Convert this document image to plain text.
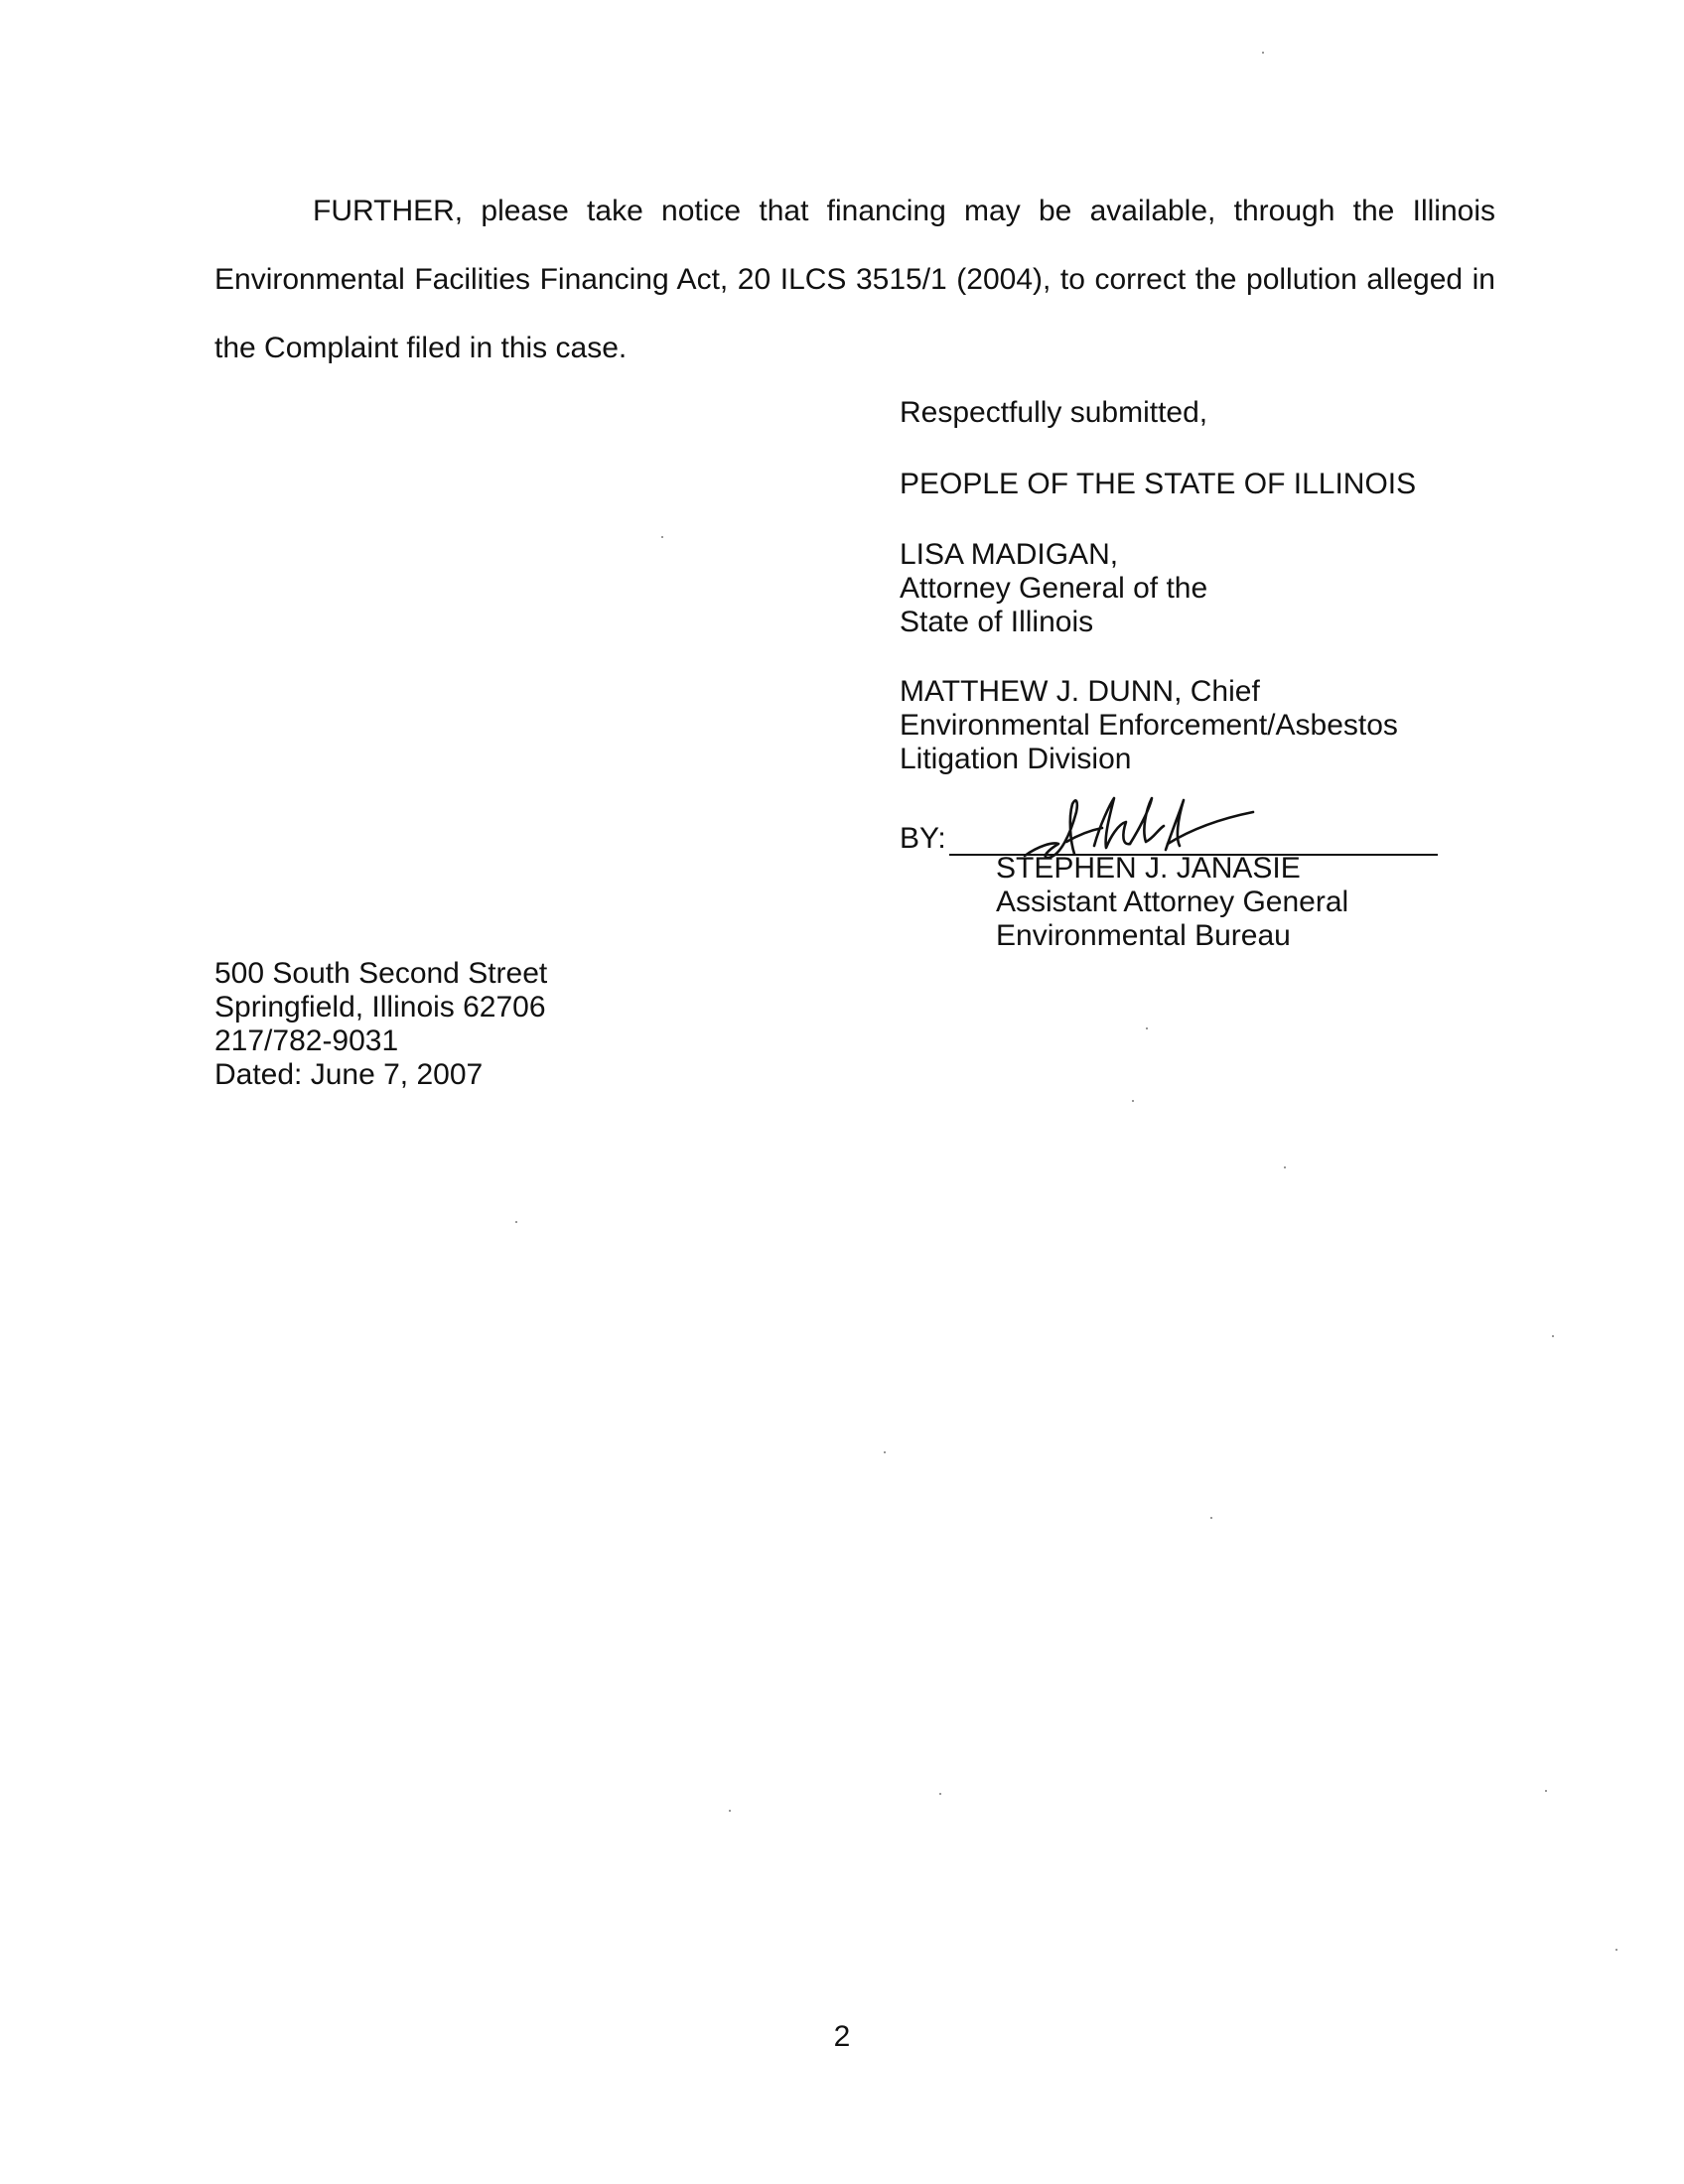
FURTHER, please take notice that financing may be available, through the Illinois
Environmental Facilities Financing Act, 20 ILCS 3515/1 (2004), to correct the pollution alleged in
the Complaint filed in this case.
Respectfully submitted,
PEOPLE OF THE STATE OF ILLINOIS
LISA MADIGAN,
Attorney General of the
State of Illinois
MATTHEW J. DUNN, Chief
Environmental Enforcement/Asbestos
Litigation Division
BY:
STEPHEN J. JANASIE
Assistant Attorney General
Environmental Bureau
500 South Second Street
Springfield, Illinois 62706
217/782-9031
Dated: June 7, 2007
2
